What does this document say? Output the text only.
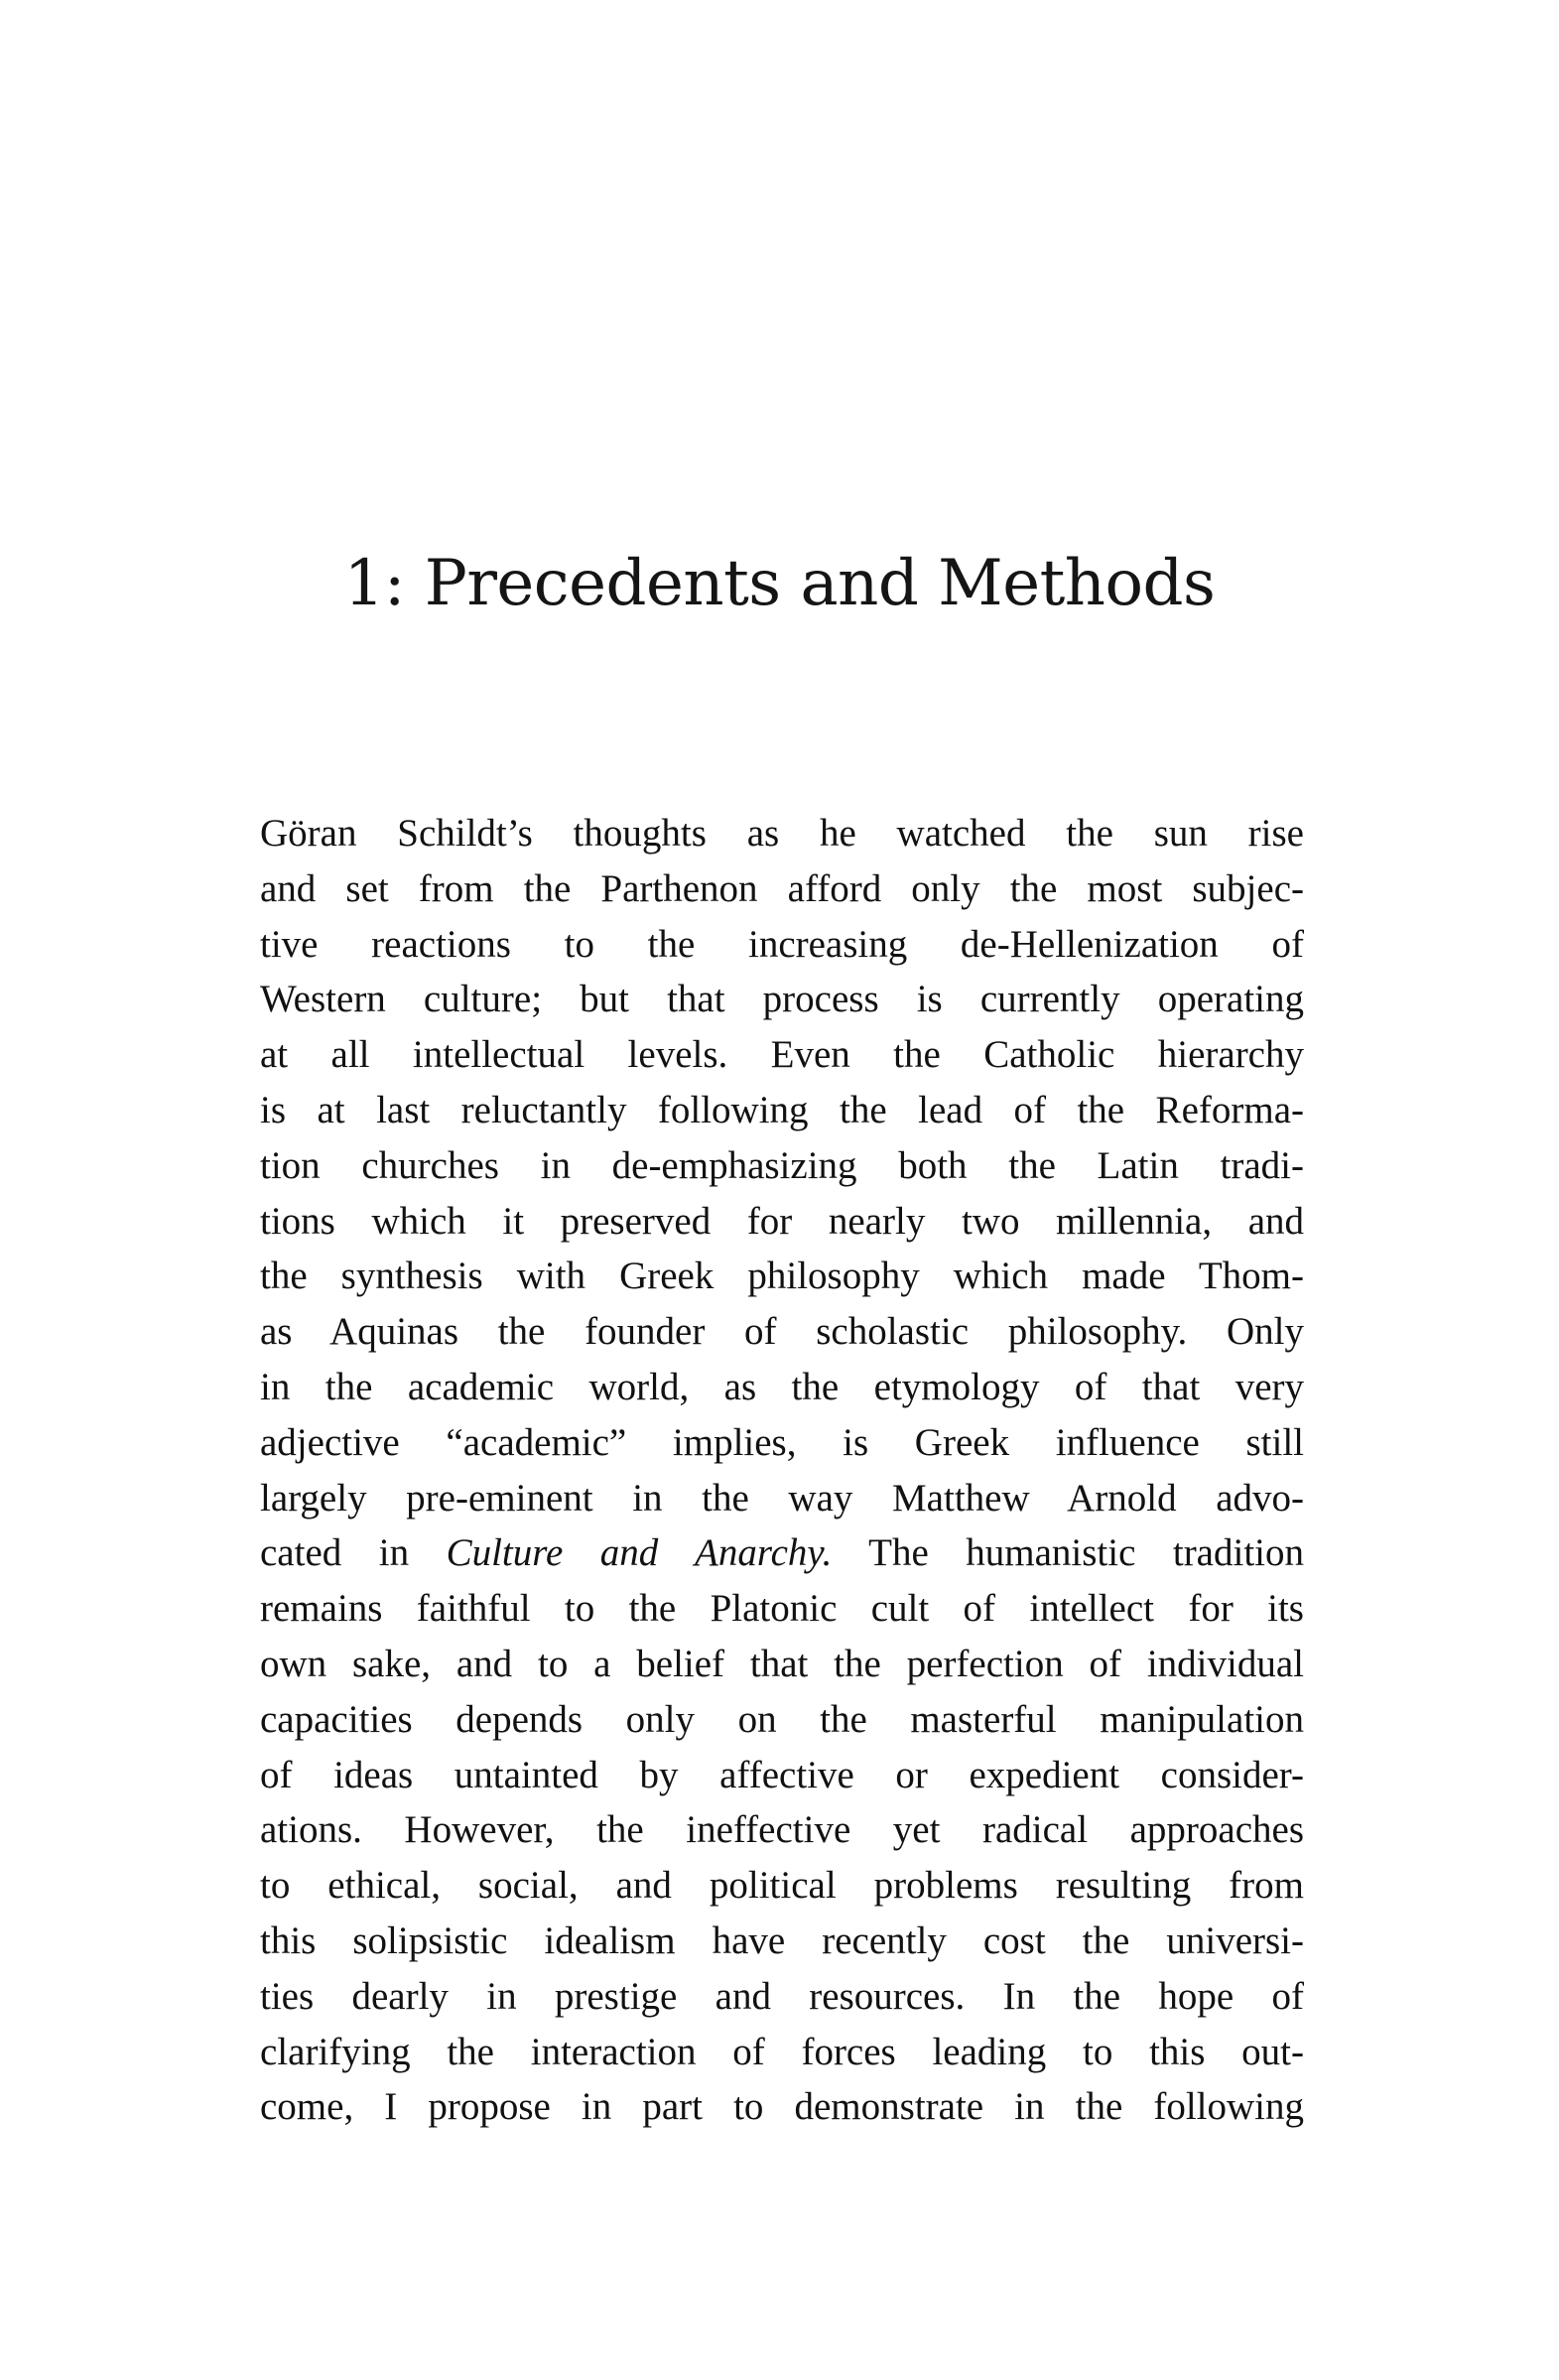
1: Precedents and Methods
Göran Schildt’s thoughts as he watched the sun rise
and set from the Parthenon afford only the most subjec-
tive reactions to the increasing de-Hellenization of
Western culture; but that process is currently operating
at all intellectual levels. Even the Catholic hierarchy
is at last reluctantly following the lead of the Reforma-
tion churches in de-emphasizing both the Latin tradi-
tions which it preserved for nearly two millennia, and
the synthesis with Greek philosophy which made Thom-
as Aquinas the founder of scholastic philosophy. Only
in the academic world, as the etymology of that very
adjective “academic” implies, is Greek influence still
largely pre-eminent in the way Matthew Arnold advo-
cated in Culture and Anarchy. The humanistic tradition
remains faithful to the Platonic cult of intellect for its
own sake, and to a belief that the perfection of individual
capacities depends only on the masterful manipulation
of ideas untainted by affective or expedient consider-
ations. However, the ineffective yet radical approaches
to ethical, social, and political problems resulting from
this solipsistic idealism have recently cost the universi-
ties dearly in prestige and resources. In the hope of
clarifying the interaction of forces leading to this out-
come, I propose in part to demonstrate in the following
